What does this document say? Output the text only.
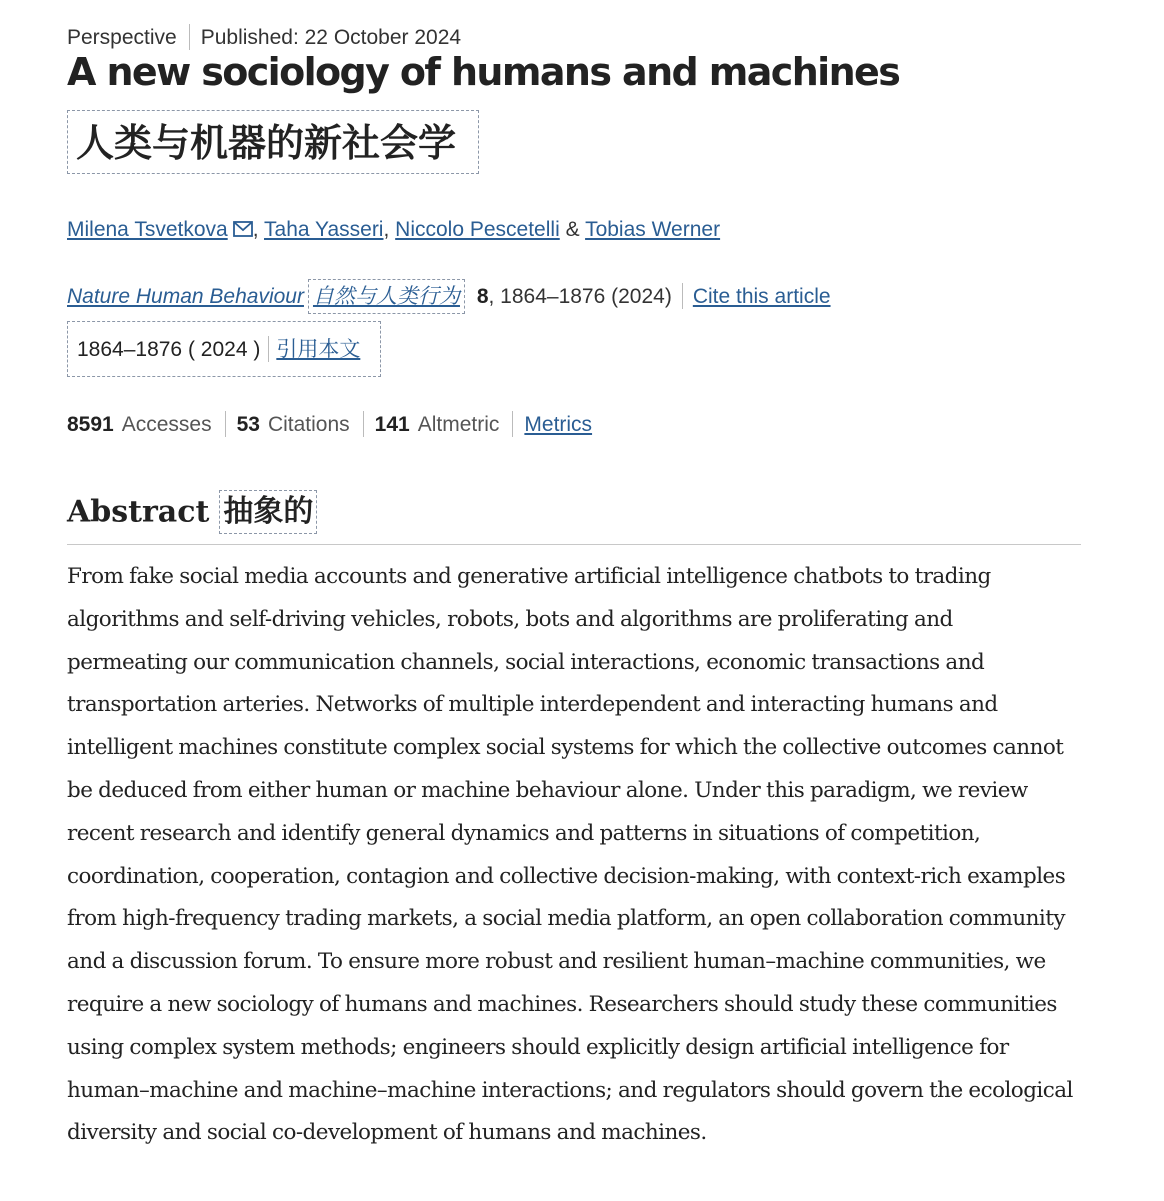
Perspective Published: 22 October 2024
A new sociology of humans and machines
人类与机器的新社会学
Milena Tsvetkova , Taha Yasseri, Niccolo Pescetelli & Tobias Werner
Nature Human Behaviour 自然与人类行为 8, 1864–1876 (2024) Cite this article
1864–1876 ( 2024 ) 引用本文
8591 Accesses 53 Citations 141 Altmetric Metrics
Abstract 抽象的

From fake social media accounts and generative artificial intelligence chatbots to trading algorithms and self-driving vehicles, robots, bots and algorithms are proliferating and permeating our communication channels, social interactions, economic transactions and transportation arteries. Networks of multiple interdependent and interacting humans and intelligent machines constitute complex social systems for which the collective outcomes cannot be deduced from either human or machine behaviour alone. Under this paradigm, we review recent research and identify general dynamics and patterns in situations of competition, coordination, cooperation, contagion and collective decision-making, with context-rich examples from high-frequency trading markets, a social media platform, an open collaboration community and a discussion forum. To ensure more robust and resilient human–machine communities, we require a new sociology of humans and machines. Researchers should study these communities using complex system methods; engineers should explicitly design artificial intelligence for human–machine and machine–machine interactions; and regulators should govern the ecological diversity and social co-development of humans and machines.
